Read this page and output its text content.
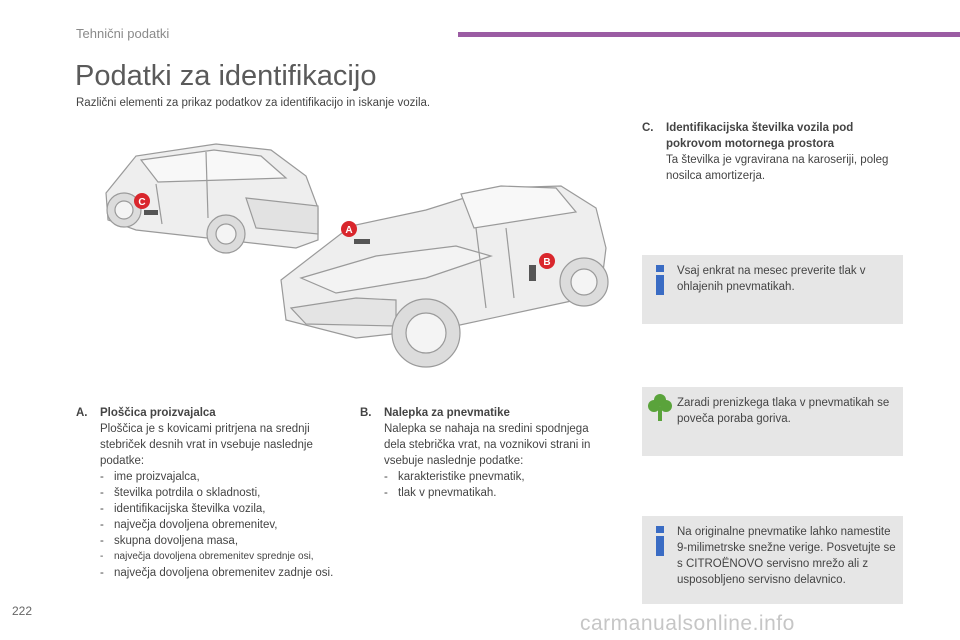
Tehnični podatki
Podatki za identifikacijo
Različni elementi za prikaz podatkov za identifikacijo in iskanje vozila.
C
A
B
A. Ploščica proizvajalca
Ploščica je s kovicami pritrjena na srednji stebriček desnih vrat in vsebuje naslednje podatke:
- ime proizvajalca,
- številka potrdila o skladnosti,
- identifikacijska številka vozila,
- največja dovoljena obremenitev,
- skupna dovoljena masa,
- največja dovoljena obremenitev sprednje osi,
- največja dovoljena obremenitev zadnje osi.
B. Nalepka za pnevmatike
Nalepka se nahaja na sredini spodnjega dela stebrička vrat, na voznikovi strani in vsebuje naslednje podatke:
- karakteristike pnevmatik,
- tlak v pnevmatikah.
C. Identifikacijska številka vozila pod pokrovom motornega prostora
Ta številka je vgravirana na karoseriji, poleg nosilca amortizerja.
Vsaj enkrat na mesec preverite tlak v ohlajenih pnevmatikah.
Zaradi prenizkega tlaka v pnevmatikah se poveča poraba goriva.
Na originalne pnevmatike lahko namestite 9-milimetrske snežne verige. Posvetujte se s CITROËNOVO servisno mrežo ali z usposobljeno servisno delavnico.
222
carmanualsonline.info
